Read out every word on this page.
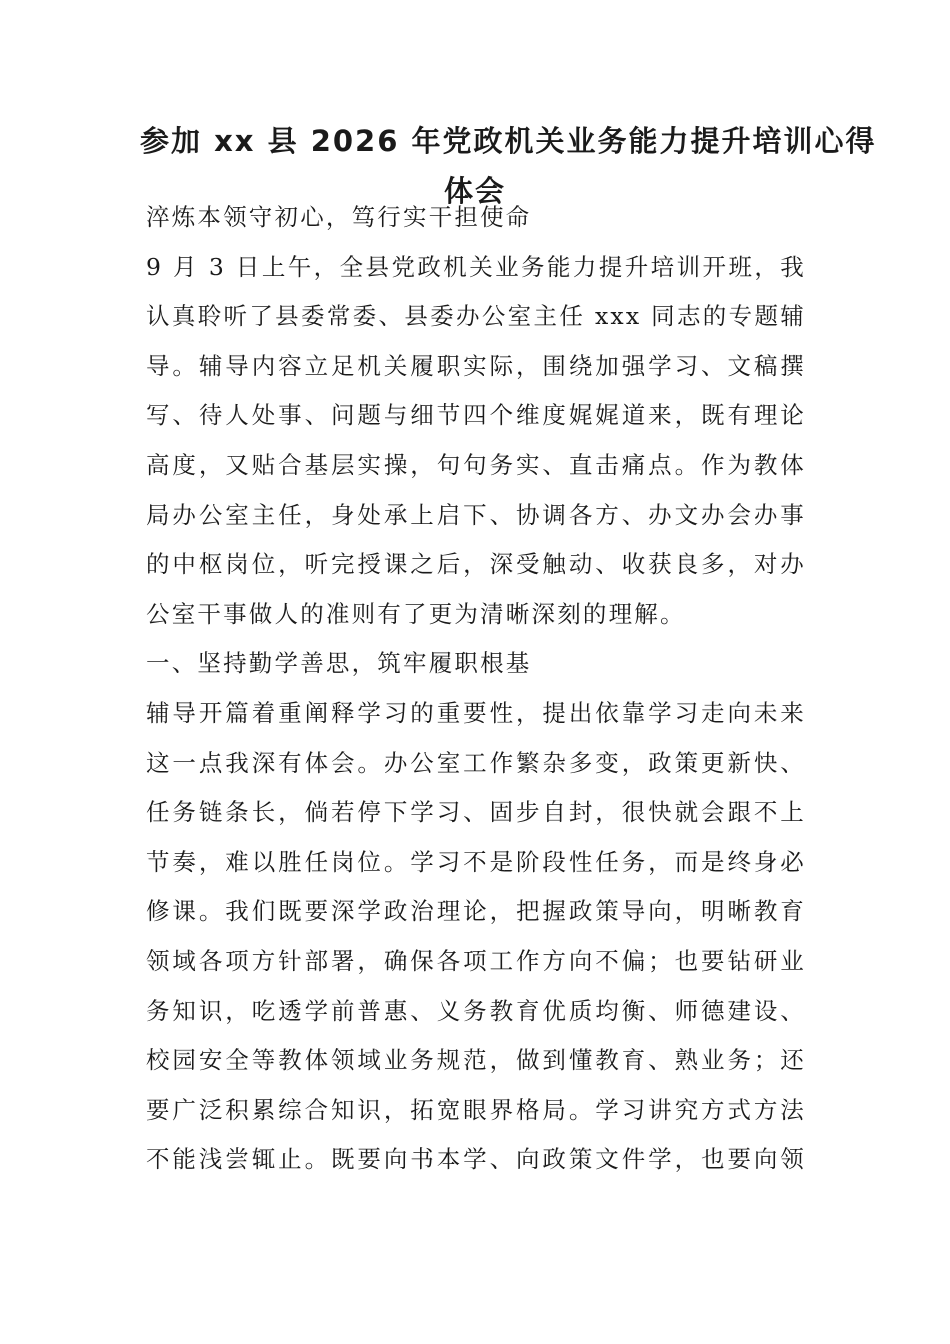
参加 xx 县 2026 年党政机关业务能力提升培训心得
体会
淬炼本领守初心，笃行实干担使命
9 月 3 日上午，全县党政机关业务能力提升培训开班，我
认真聆听了县委常委、县委办公室主任 xxx 同志的专题辅
导。辅导内容立足机关履职实际，围绕加强学习、文稿撰
写、待人处事、问题与细节四个维度娓娓道来，既有理论
高度，又贴合基层实操，句句务实、直击痛点。作为教体
局办公室主任，身处承上启下、协调各方、办文办会办事
的中枢岗位，听完授课之后，深受触动、收获良多，对办
公室干事做人的准则有了更为清晰深刻的理解。
一、坚持勤学善思，筑牢履职根基
辅导开篇着重阐释学习的重要性，提出依靠学习走向未来
这一点我深有体会。办公室工作繁杂多变，政策更新快、
任务链条长，倘若停下学习、固步自封，很快就会跟不上
节奏，难以胜任岗位。学习不是阶段性任务，而是终身必
修课。我们既要深学政治理论，把握政策导向，明晰教育
领域各项方针部署，确保各项工作方向不偏；也要钻研业
务知识，吃透学前普惠、义务教育优质均衡、师德建设、
校园安全等教体领域业务规范，做到懂教育、熟业务；还
要广泛积累综合知识，拓宽眼界格局。学习讲究方式方法
不能浅尝辄止。既要向书本学、向政策文件学，也要向领
